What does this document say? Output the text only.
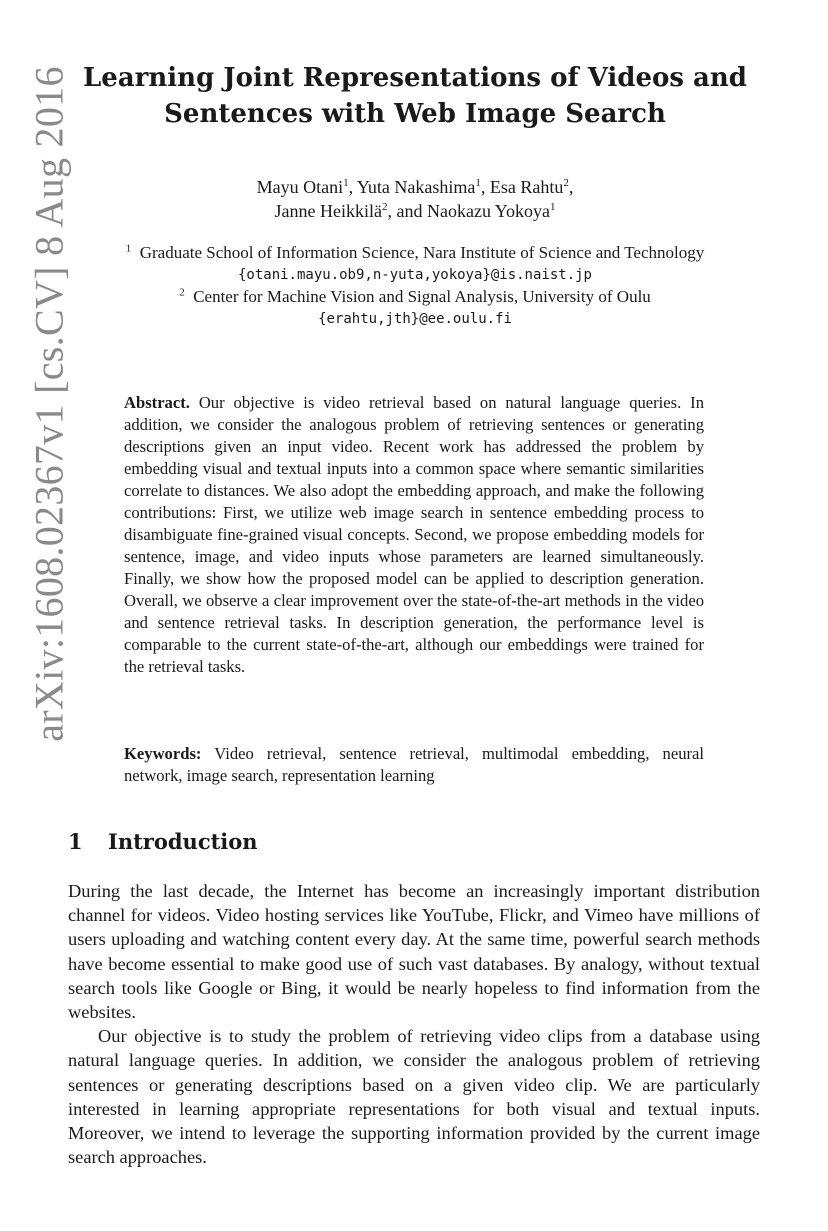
arXiv:1608.02367v1 [cs.CV] 8 Aug 2016 Learning Joint Representations of Videos and
Sentences with Web Image Search
Mayu Otani$^1$, Yuta Nakashima$^1$, Esa Rahtu$^2$,
Janne Heikkilä$^2$, and Naokazu Yokoya$^1$
$^1$ Graduate School of Information Science, Nara Institute of Science and Technology
{otani.mayu.ob9,n-yuta,yokoya}@is.naist.jp
$^2$ Center for Machine Vision and Signal Analysis, University of Oulu
{erahtu,jth}@ee.oulu.fi
Abstract. Our objective is video retrieval based on natural language queries. In addition, we consider the analogous problem of retrieving sentences or generating descriptions given an input video. Recent work has addressed the problem by embedding visual and textual inputs into a common space where semantic similarities correlate to distances. We also adopt the embedding approach, and make the following contributions: First, we utilize web image search in sentence embedding process to disambiguate fine-grained visual concepts. Second, we propose embedding models for sentence, image, and video inputs whose parameters are learned simultaneously. Finally, we show how the proposed model can be applied to description generation. Overall, we observe a clear improvement over the state-of-the-art methods in the video and sentence retrieval tasks. In description generation, the performance level is comparable to the current state-of-the-art, although our embeddings were trained for the retrieval tasks.
Keywords: Video retrieval, sentence retrieval, multimodal embedding, neural network, image search, representation learning
1 Introduction

During the last decade, the Internet has become an increasingly important distribution channel for videos. Video hosting services like YouTube, Flickr, and Vimeo have millions of users uploading and watching content every day. At the same time, powerful search methods have become essential to make good use of such vast databases. By analogy, without textual search tools like Google or Bing, it would be nearly hopeless to find information from the websites.

Our objective is to study the problem of retrieving video clips from a database using natural language queries. In addition, we consider the analogous problem of retrieving sentences or generating descriptions based on a given video clip. We are particularly interested in learning appropriate representations for both visual and textual inputs. Moreover, we intend to leverage the supporting information provided by the current image search approaches.
